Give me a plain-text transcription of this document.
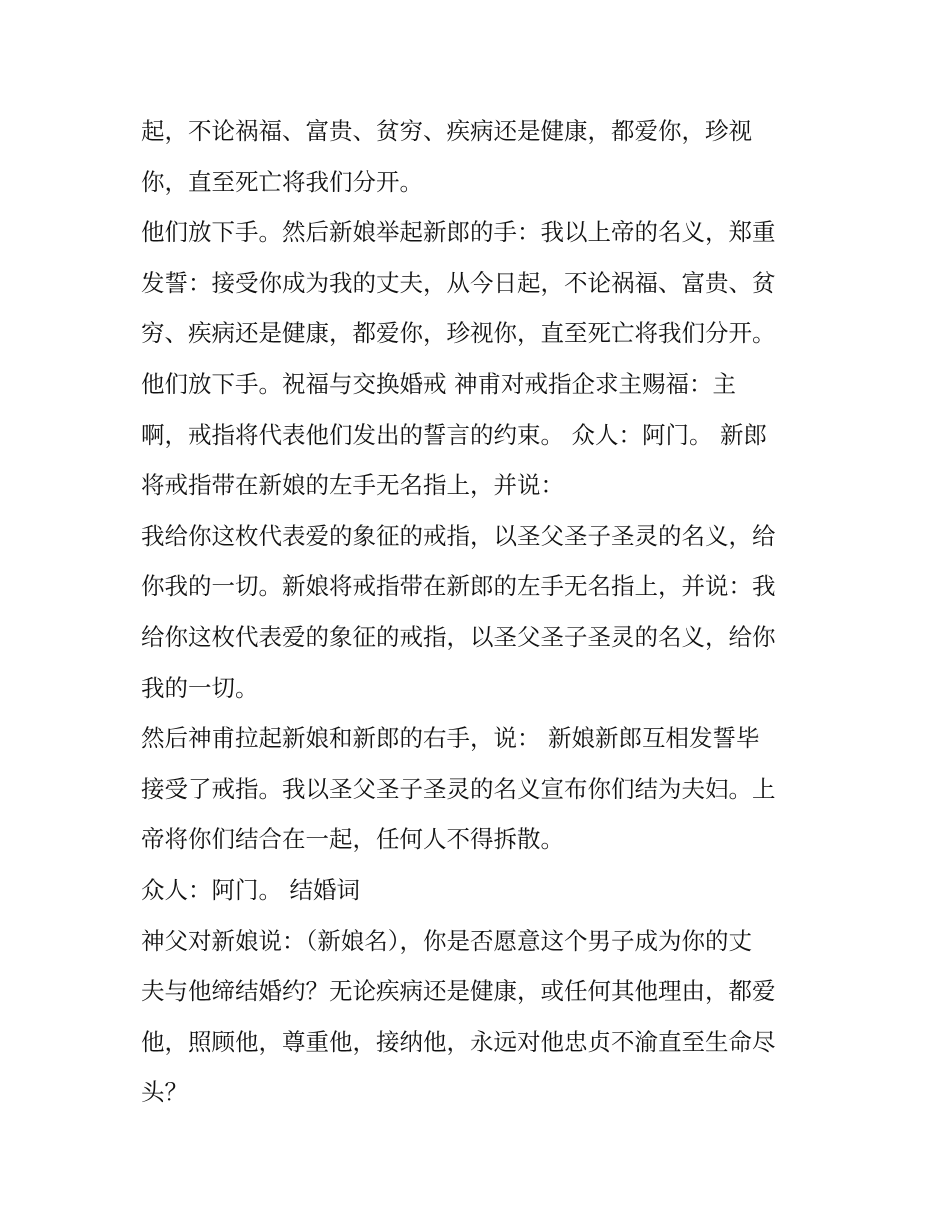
起，不论祸福、富贵、贫穷、疾病还是健康，都爱你，珍视
你，直至死亡将我们分开。
他们放下手。然后新娘举起新郎的手：我以上帝的名义，郑重
发誓：接受你成为我的丈夫，从今日起，不论祸福、富贵、贫
穷、疾病还是健康，都爱你，珍视你，直至死亡将我们分开。
他们放下手。祝福与交换婚戒 神甫对戒指企求主赐福：主
啊，戒指将代表他们发出的誓言的约束。 众人：阿门。 新郎
将戒指带在新娘的左手无名指上，并说：
我给你这枚代表爱的象征的戒指，以圣父圣子圣灵的名义，给
你我的一切。新娘将戒指带在新郎的左手无名指上，并说：我
给你这枚代表爱的象征的戒指，以圣父圣子圣灵的名义，给你
我的一切。
然后神甫拉起新娘和新郎的右手，说： 新娘新郎互相发誓毕
接受了戒指。我以圣父圣子圣灵的名义宣布你们结为夫妇。上
帝将你们结合在一起，任何人不得拆散。
众人：阿门。 结婚词
神父对新娘说：（新娘名），你是否愿意这个男子成为你的丈
夫与他缔结婚约？无论疾病还是健康，或任何其他理由，都爱
他，照顾他，尊重他，接纳他，永远对他忠贞不渝直至生命尽
头？
